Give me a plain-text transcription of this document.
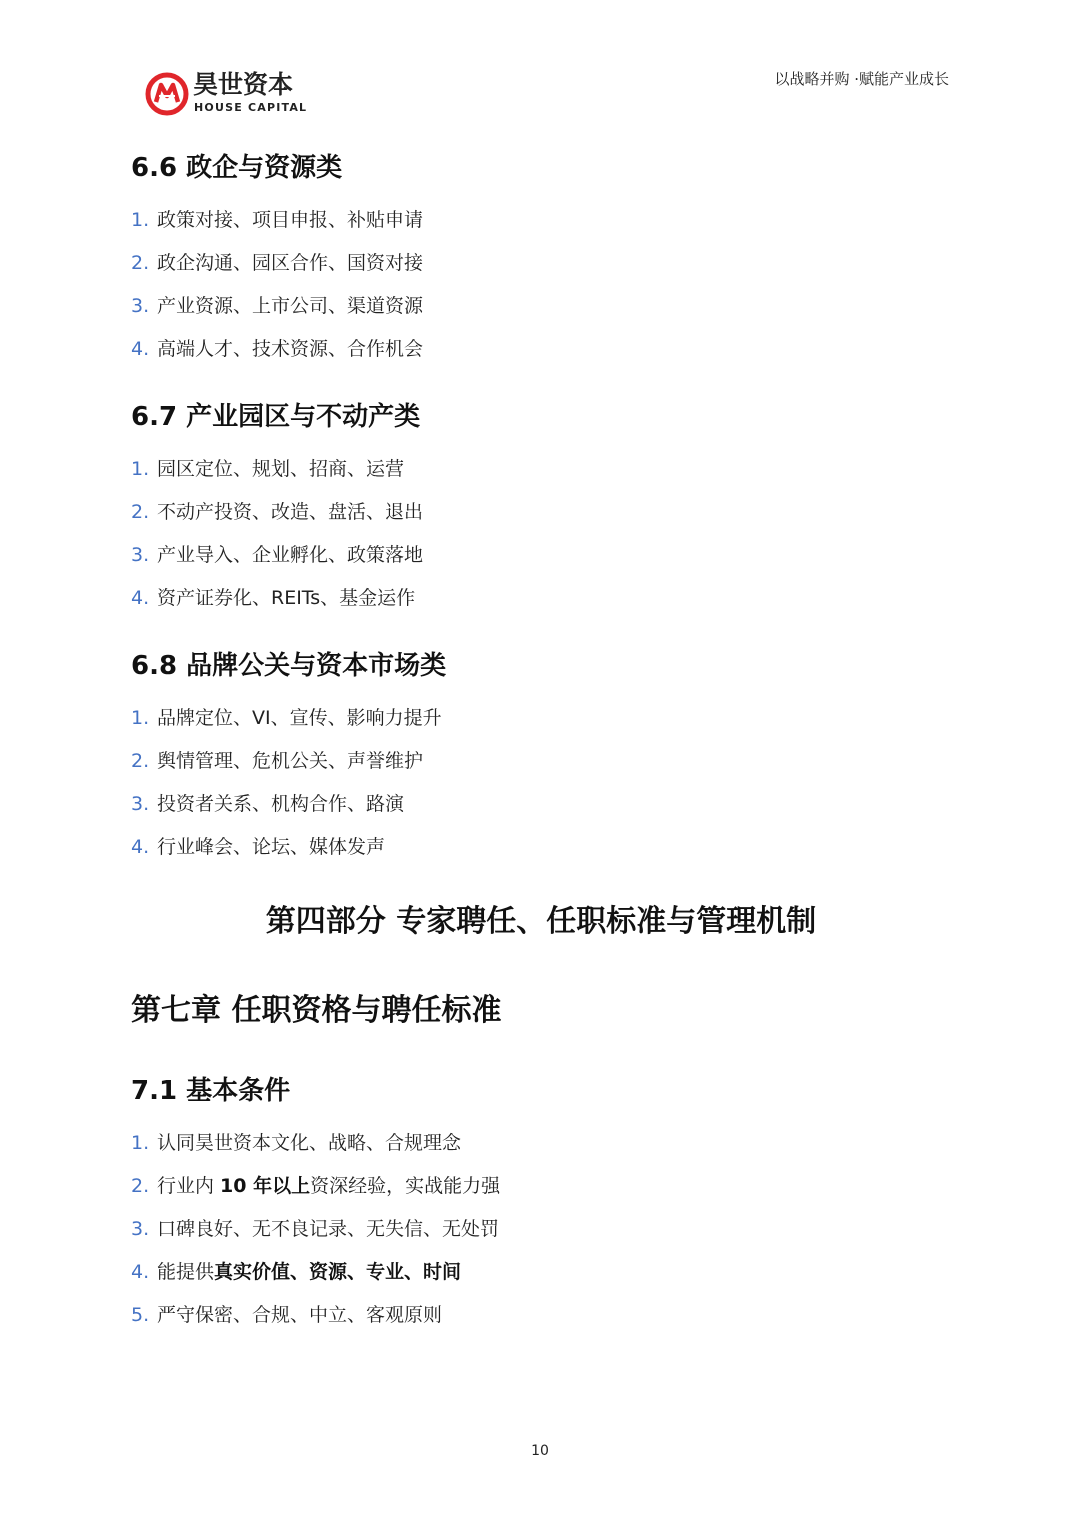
昊世资本
HOUSE CAPITAL
以战略并购 ·赋能产业成长
6.6 政企与资源类
1. 政策对接、项目申报、补贴申请
2. 政企沟通、园区合作、国资对接
3. 产业资源、上市公司、渠道资源
4. 高端人才、技术资源、合作机会
6.7 产业园区与不动产类
1. 园区定位、规划、招商、运营
2. 不动产投资、改造、盘活、退出
3. 产业导入、企业孵化、政策落地
4. 资产证券化、REITs、基金运作
6.8 品牌公关与资本市场类
1. 品牌定位、VI、宣传、影响力提升
2. 舆情管理、危机公关、声誉维护
3. 投资者关系、机构合作、路演
4. 行业峰会、论坛、媒体发声
第四部分 专家聘任、任职标准与管理机制
第七章 任职资格与聘任标准
7.1 基本条件
1. 认同昊世资本文化、战略、合规理念
2. 行业内 10 年以上资深经验，实战能力强
3. 口碑良好、无不良记录、无失信、无处罚
4. 能提供真实价值、资源、专业、时间
5. 严守保密、合规、中立、客观原则
10
